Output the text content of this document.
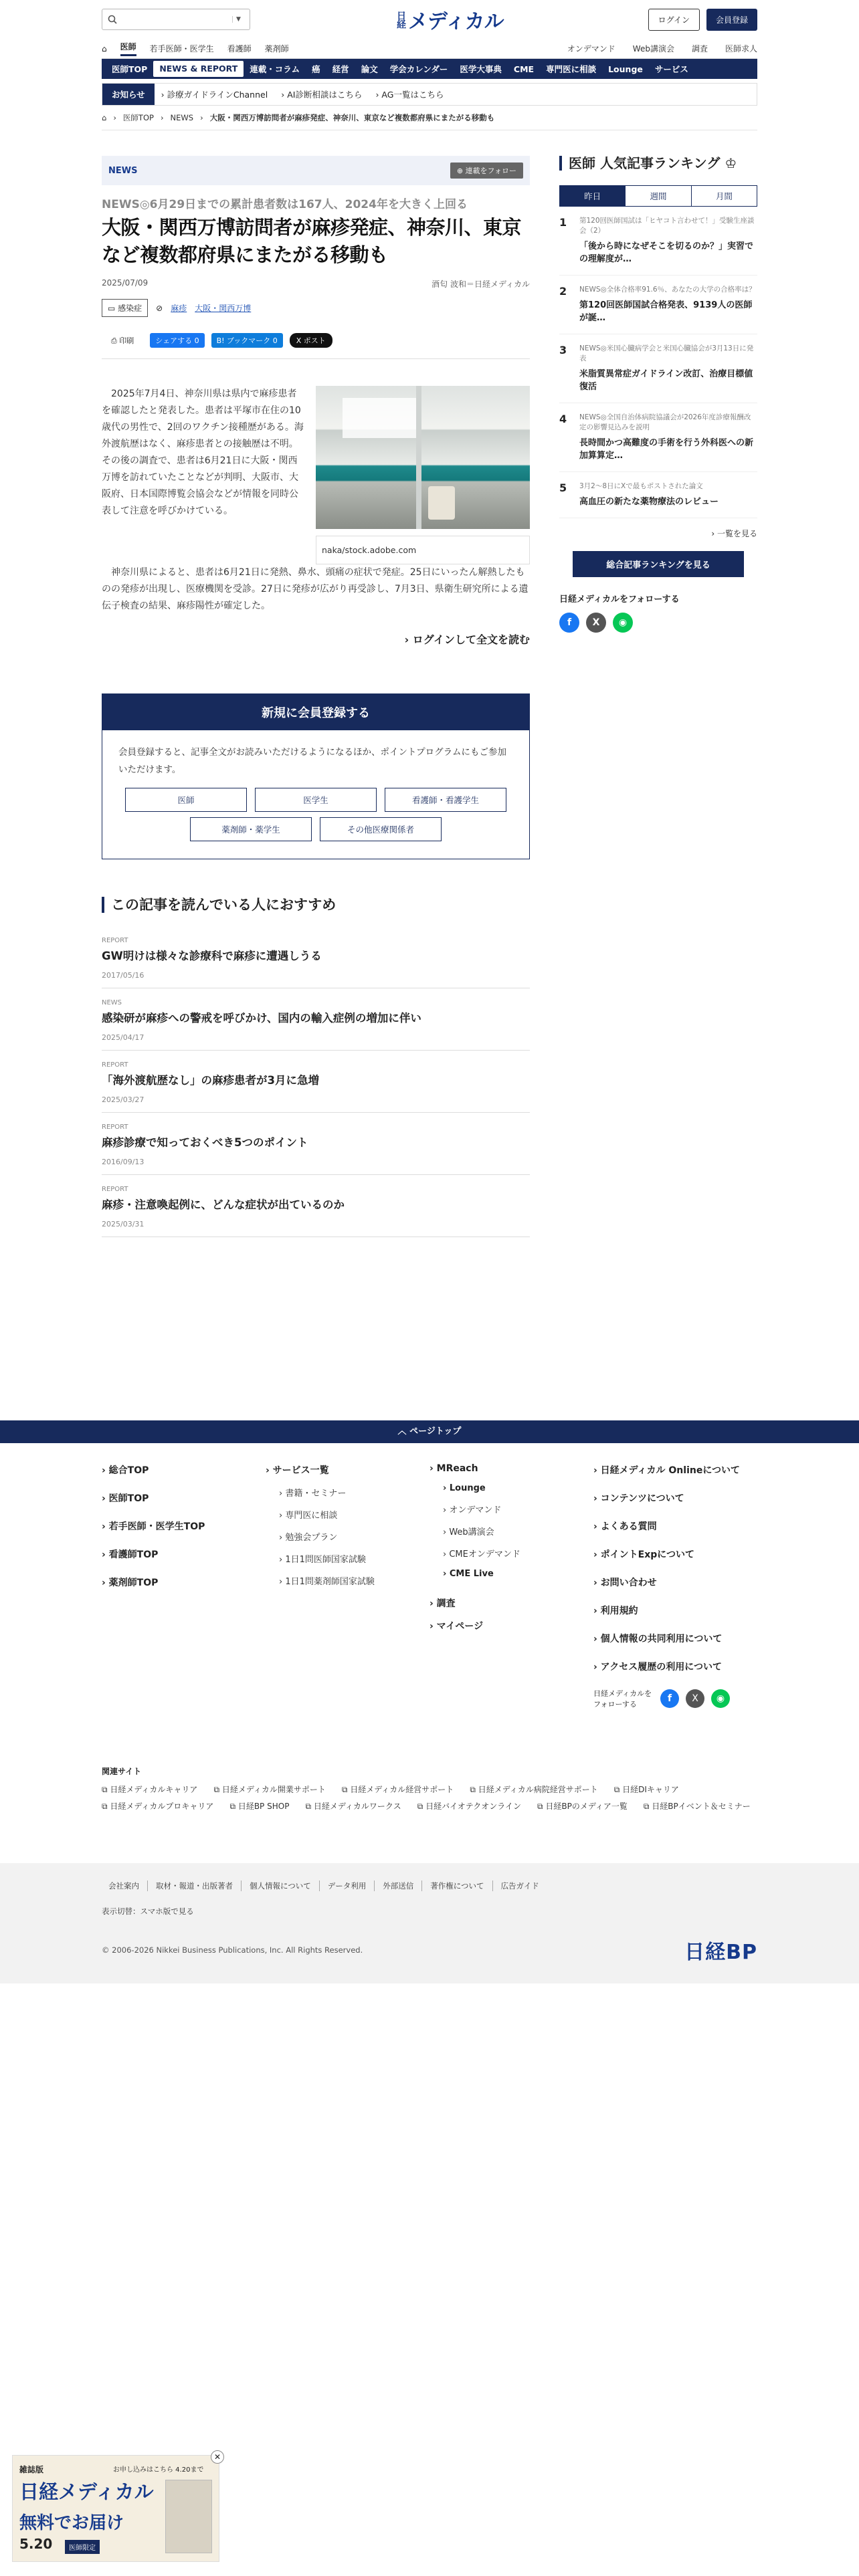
▼	日経 メディカル	ログイン	会員登録
⌂ 医師 若手医師・医学生 看護師 薬剤師	オンデマンド Web講演会 調査 医師求人
医師TOP	NEWS & REPORT	連載・コラム	癌	経営	論文	学会カレンダー	医学大事典	CME	専門医に相談	Lounge	サービス
お知らせ	› 診療ガイドラインChannel	› AI診断相談はこちら	› AG一覧はこちら
⌂ › 医師TOP › NEWS › 大阪・関西万博訪問者が麻疹発症、神奈川、東京など複数都府県にまたがる移動も
NEWS	⊕ 連載をフォロー
NEWS◎6月29日までの累計患者数は167人、2024年を大きく上回る
大阪・関西万博訪問者が麻疹発症、神奈川、東京など複数都府県にまたがる移動も
2025/07/09	酒匂 波和＝日経メディカル
▭ 感染症	⊘ 麻疹 大阪・関西万博
⎙ 印刷	シェアする 0	B! ブックマーク 0	X ポスト
naka/stock.adobe.com

2025年7月4日、神奈川県は県内で麻疹患者を確認したと発表した。患者は平塚市在住の10歳代の男性で、2回のワクチン接種歴がある。海外渡航歴はなく、麻疹患者との接触歴は不明。その後の調査で、患者は6月21日に大阪・関西万博を訪れていたことなどが判明、大阪市、大阪府、日本国際博覧会協会などが情報を同時公表して注意を呼びかけている。

神奈川県によると、患者は6月21日に発熱、鼻水、頭痛の症状で発症。25日にいったん解熱したものの発疹が出現し、医療機関を受診。27日に発疹が広がり再受診し、7月3日、県衛生研究所による遺伝子検査の結果、麻疹陽性が確定した。

› ログインして全文を読む
新規に会員登録する
会員登録すると、記事全文がお読みいただけるようになるほか、ポイントプログラムにもご参加いただけます。
医師	医学生	看護師・看護学生
薬剤師・薬学生	その他医療関係者
この記事を読んでいる人におすすめ
REPORT
GW明けは様々な診療科で麻疹に遭遇しうる
2017/05/16
NEWS
感染研が麻疹への警戒を呼びかけ、国内の輸入症例の増加に伴い
2025/04/17
REPORT
「海外渡航歴なし」の麻疹患者が3月に急増
2025/03/27
REPORT
麻疹診療で知っておくべき5つのポイント
2016/09/13
REPORT
麻疹・注意喚起例に、どんな症状が出ているのか
2025/03/31
医師 人気記事ランキング ♔
昨日	週間	月間
1 第120回医師国試は「ヒヤコト言わせて！」受験生座談会（2）
「後から時になぜそこを切るのか？」実習での理解度が…
2 NEWS◎全体合格率91.6％、あなたの大学の合格率は？
第120回医師国試合格発表、9139人の医師が誕…
3 NEWS◎米国心臓病学会と米国心臓協会が3月13日に発表
米脂質異常症ガイドライン改訂、治療目標値復活
4 NEWS◎全国自治体病院協議会が2026年度診療報酬改定の影響見込みを説明
長時間かつ高難度の手術を行う外科医への新加算算定…
5 3月2〜8日にXで最もポストされた論文
高血圧の新たな薬物療法のレビュー
› 一覧を見る
総合記事ランキングを見る
日経メディカルをフォローする
f	X	◉
︿ ページトップ
› 総合TOP
› 医師TOP
› 若手医師・医学生TOP
› 看護師TOP
› 薬剤師TOP
› サービス一覧
› 書籍・セミナー
› 専門医に相談
› 勉強会プラン
› 1日1問医師国家試験
› 1日1問薬剤師国家試験
› MReach
› Lounge
› オンデマンド
› Web講演会
› CMEオンデマンド
› CME Live
› 調査
› マイページ
› 日経メディカル Onlineについて
› コンテンツについて
› よくある質問
› ポイントExpについて
› お問い合わせ
› 利用規約
› 個人情報の共同利用について
› アクセス履歴の利用について
日経メディカルをフォローする
f	X	◉
関連サイト
⧉ 日経メディカルキャリア ⧉ 日経メディカル開業サポート ⧉ 日経メディカル経営サポート ⧉ 日経メディカル病院経営サポート ⧉ 日経DIキャリア
⧉ 日経メディカルプロキャリア ⧉ 日経BP SHOP ⧉ 日経メディカルワークス ⧉ 日経バイオテクオンライン ⧉ 日経BPのメディア一覧 ⧉ 日経BPイベント＆セミナー
会社案内	取材・報道・出版著者	個人情報について	データ利用	外部送信	著作権について	広告ガイド
表示切替：スマホ版で見る
© 2006-2026 Nikkei Business Publications, Inc. All Rights Reserved.	日経BP
雑誌版	お申し込みはこちら 4.20まで
日経メディカル
無料でお届け
5.20	医師限定
✕
